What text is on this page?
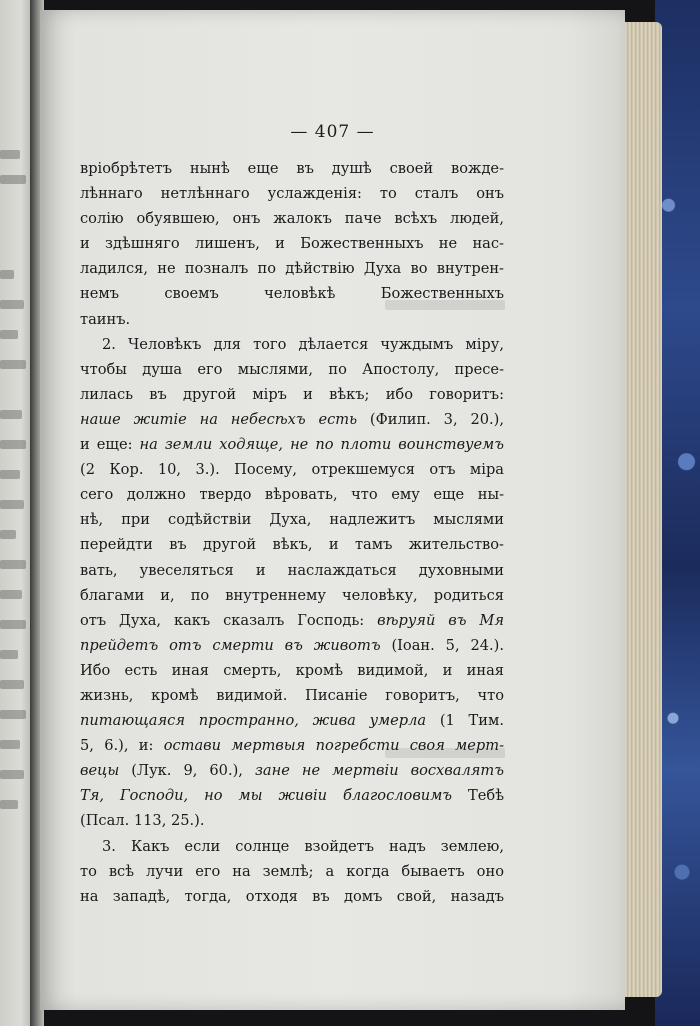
— 407 —
вріобрѣтетъ нынѣ еще въ душѣ своей вожде-
лѣннаго нетлѣннаго услажденія: то сталъ онъ
солію обуявшею, онъ жалокъ паче всѣхъ людей,
и здѣшняго лишенъ, и Божественныхъ не нас-
ладился, не позналъ по дѣйствію Духа во внутрен-
немъ своемъ человѣкѣ Божественныхъ
таинъ.
2. Человѣкъ для того дѣлается чуждымъ міру,
чтобы душа его мыслями, по Апостолу, пресе-
лилась въ другой міръ и вѣкъ; ибо говоритъ:
наше житіе на небесѣхъ есть (Филип. 3, 20.),
и еще: на земли ходяще, не по плоти воинствуемъ
(2 Кор. 10, 3.). Посему, отрекшемуся отъ міра
сего должно твердо вѣровать, что ему еще ны-
нѣ, при содѣйствіи Духа, надлежитъ мыслями
перейдти въ другой вѣкъ, и тамъ жительство-
вать, увеселяться и наслаждаться духовными
благами и, по внутреннему человѣку, родиться
отъ Духа, какъ сказалъ Господь: вѣруяй въ Мя
прейдетъ отъ смерти въ животъ (Іоан. 5, 24.).
Ибо есть иная смерть, кромѣ видимой, и иная
жизнь, кромѣ видимой. Писаніе говоритъ, что
питающаяся пространно, жива умерла (1 Тим.
5, 6.), и: остави мертвыя погребсти своя мерт-
вецы (Лук. 9, 60.), зане не мертвіи восхвалятъ
Тя, Господи, но мы живіи благословимъ Тебѣ
(Псал. 113, 25.).
3. Какъ если солнце взойдетъ надъ землею,
то всѣ лучи его на землѣ; а когда бываетъ оно
на западѣ, тогда, отходя въ домъ свой, назадъ
